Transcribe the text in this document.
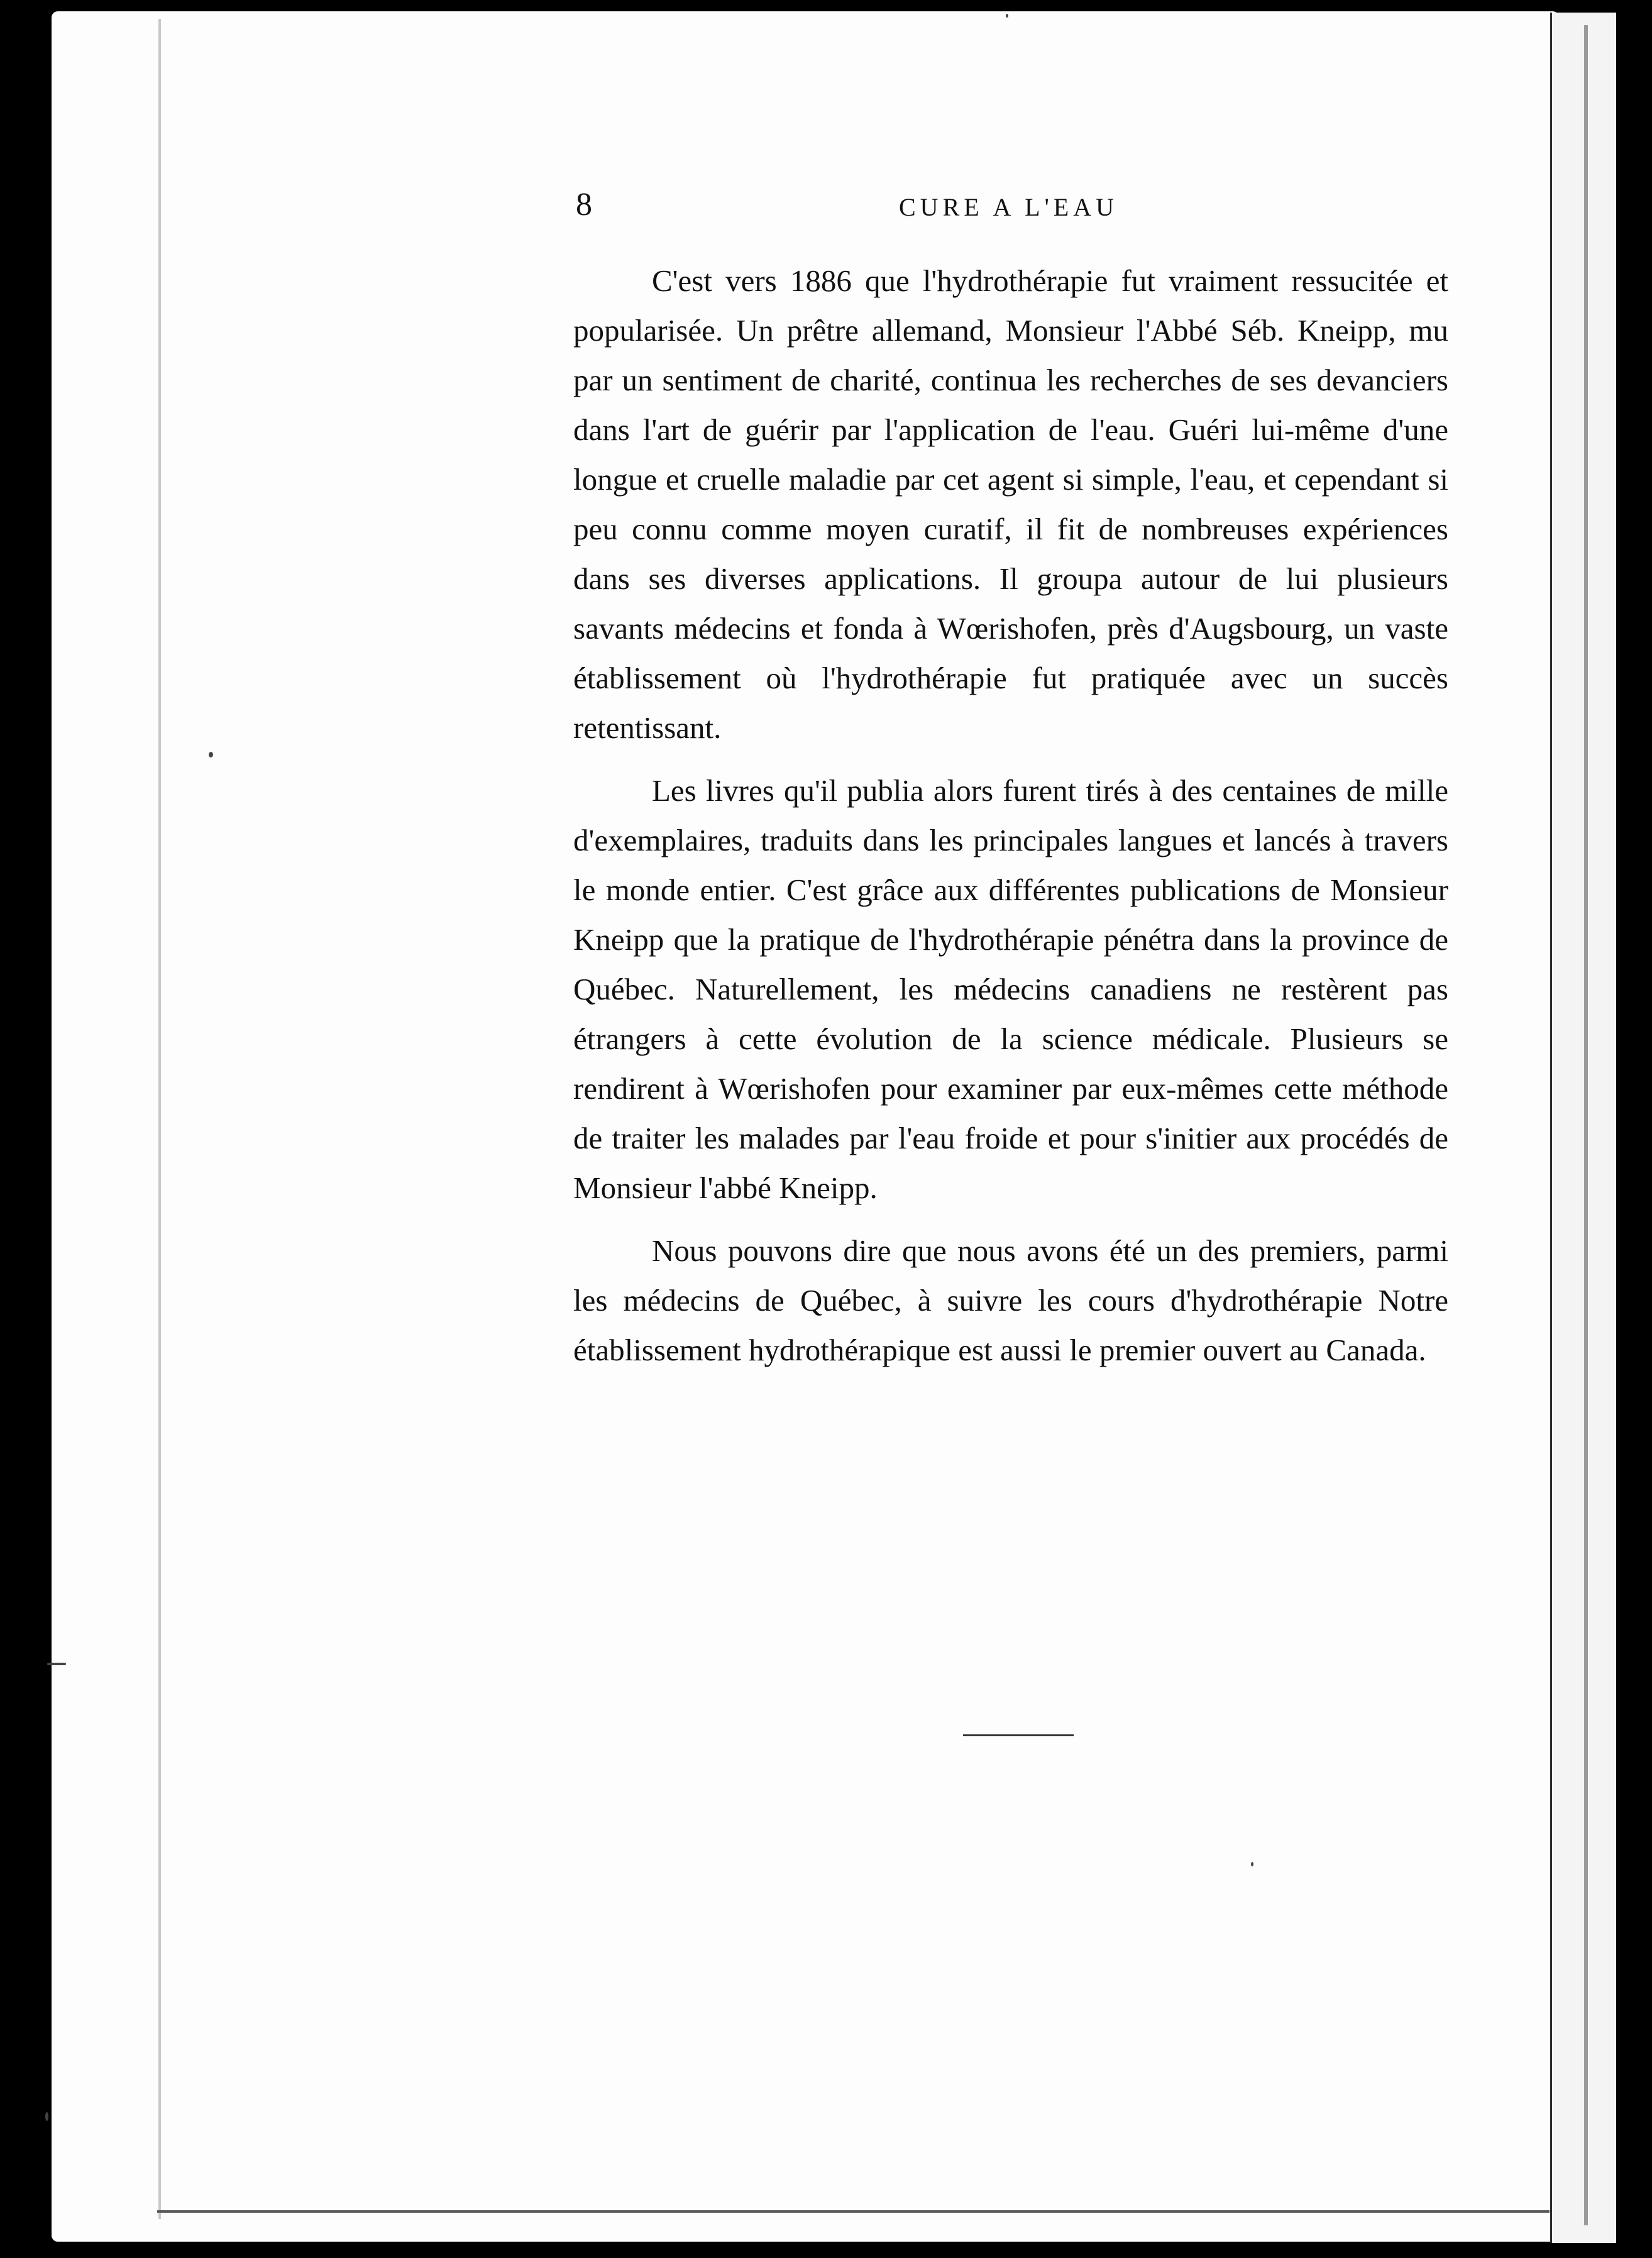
8	CURE A L'EAU

C'est vers 1886 que l'hydrothérapie fut vraiment ressucitée et popularisée. Un prêtre allemand, Monsieur l'Abbé Séb. Kneipp, mu par un sentiment de charité, continua les recherches de ses devanciers dans l'art de guérir par l'application de l'eau. Guéri lui-même d'une longue et cruelle maladie par cet agent si simple, l'eau, et cependant si peu connu comme moyen curatif, il fit de nombreuses expériences dans ses diverses applications. Il groupa autour de lui plusieurs savants médecins et fonda à Wœrishofen, près d'Augsbourg, un vaste établissement où l'hydrothérapie fut pratiquée avec un succès retentissant.

Les livres qu'il publia alors furent tirés à des centaines de mille d'exemplaires, traduits dans les principales langues et lancés à travers le monde entier. C'est grâce aux différentes publications de Monsieur Kneipp que la pratique de l'hydrothérapie pénétra dans la province de Québec. Naturellement, les médecins canadiens ne restèrent pas étrangers à cette évolution de la science médicale. Plusieurs se rendirent à Wœrishofen pour examiner par eux-mêmes cette méthode de traiter les malades par l'eau froide et pour s'initier aux procédés de Monsieur l'abbé Kneipp.

Nous pouvons dire que nous avons été un des premiers, parmi les médecins de Québec, à suivre les cours d'hydrothérapie Notre établissement hydrothérapique est aussi le premier ouvert au Canada.
